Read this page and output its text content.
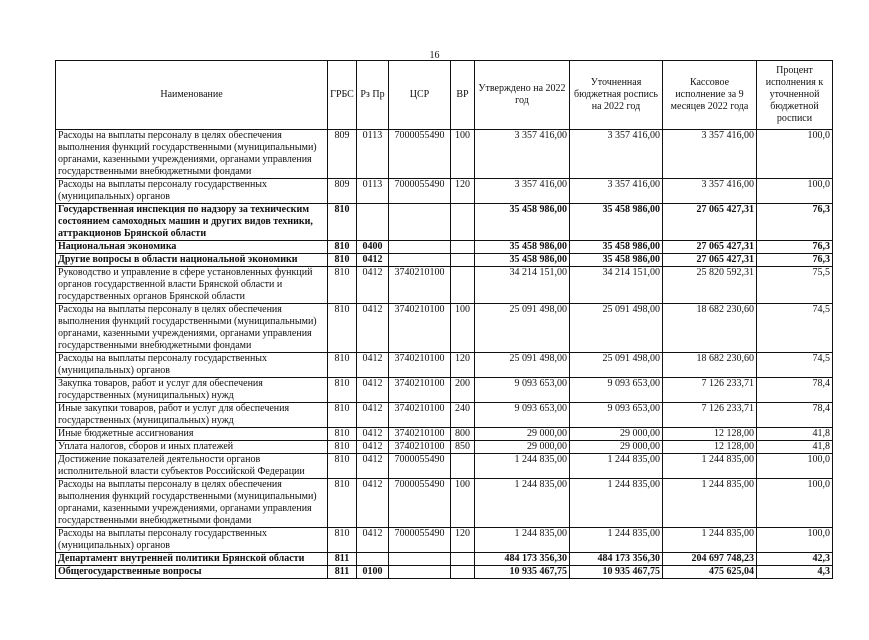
16
Наименование	ГРБС	Рз Пр	ЦСР	ВР	Утверждено на 2022 год	Уточненная бюджетная роспись на 2022 год	Кассовое исполнение за 9 месяцев 2022 года	Процент исполнения к уточненной бюджетной росписи
Расходы на выплаты персоналу в целях обеспечения выполнения функций государственными (муниципальными) органами, казенными учреждениями, органами управления государственными внебюджетными фондами	809	0113	7000055490	100	3 357 416,00	3 357 416,00	3 357 416,00	100,0
Расходы на выплаты персоналу государственных (муниципальных) органов	809	0113	7000055490	120	3 357 416,00	3 357 416,00	3 357 416,00	100,0
Государственная инспекция по надзору за техническим состоянием самоходных машин и других видов техники, аттракционов Брянской области	810				35 458 986,00	35 458 986,00	27 065 427,31	76,3
Национальная экономика	810	0400			35 458 986,00	35 458 986,00	27 065 427,31	76,3
Другие вопросы в области национальной экономики	810	0412			35 458 986,00	35 458 986,00	27 065 427,31	76,3
Руководство и управление в сфере установленных функций органов государственной власти Брянской области и государственных органов Брянской области	810	0412	3740210100		34 214 151,00	34 214 151,00	25 820 592,31	75,5
Расходы на выплаты персоналу в целях обеспечения выполнения функций государственными (муниципальными) органами, казенными учреждениями, органами управления государственными внебюджетными фондами	810	0412	3740210100	100	25 091 498,00	25 091 498,00	18 682 230,60	74,5
Расходы на выплаты персоналу государственных (муниципальных) органов	810	0412	3740210100	120	25 091 498,00	25 091 498,00	18 682 230,60	74,5
Закупка товаров, работ и услуг для обеспечения государственных (муниципальных) нужд	810	0412	3740210100	200	9 093 653,00	9 093 653,00	7 126 233,71	78,4
Иные закупки товаров, работ и услуг для обеспечения государственных (муниципальных) нужд	810	0412	3740210100	240	9 093 653,00	9 093 653,00	7 126 233,71	78,4
Иные бюджетные ассигнования	810	0412	3740210100	800	29 000,00	29 000,00	12 128,00	41,8
Уплата налогов, сборов и иных платежей	810	0412	3740210100	850	29 000,00	29 000,00	12 128,00	41,8
Достижение показателей деятельности органов исполнительной власти субъектов Российской Федерации	810	0412	7000055490		1 244 835,00	1 244 835,00	1 244 835,00	100,0
Расходы на выплаты персоналу в целях обеспечения выполнения функций государственными (муниципальными) органами, казенными учреждениями, органами управления государственными внебюджетными фондами	810	0412	7000055490	100	1 244 835,00	1 244 835,00	1 244 835,00	100,0
Расходы на выплаты персоналу государственных (муниципальных) органов	810	0412	7000055490	120	1 244 835,00	1 244 835,00	1 244 835,00	100,0
Департамент внутренней политики Брянской области	811				484 173 356,30	484 173 356,30	204 697 748,23	42,3
Общегосударственные вопросы	811	0100			10 935 467,75	10 935 467,75	475 625,04	4,3
